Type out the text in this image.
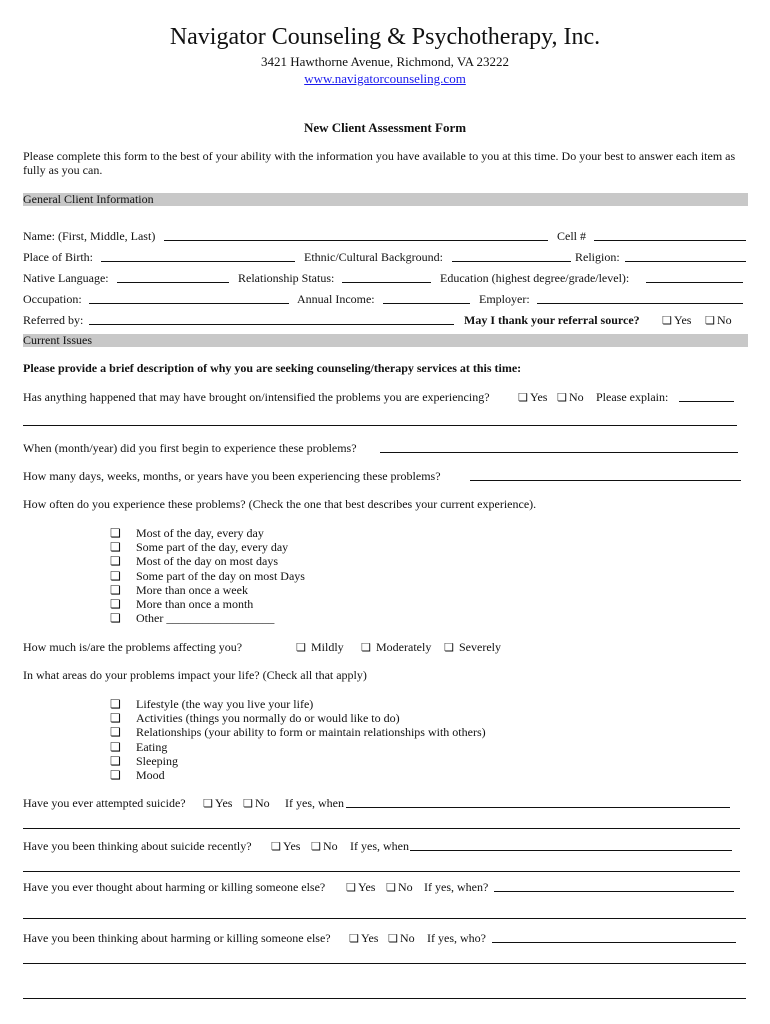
Navigator Counseling & Psychotherapy, Inc.
3421 Hawthorne Avenue, Richmond, VA 23222
www.navigatorcounseling.com
New Client Assessment Form
Please complete this form to the best of your ability with the information you have available to you at this time. Do your best to answer each item as fully as you can.
General Client Information
Name: (First, Middle, Last)	Cell #
Place of Birth:	Ethnic/Cultural Background:	Religion:
Native Language:	Relationship Status:	Education (highest degree/grade/level):
Occupation:	Annual Income:	Employer:
Referred by:	May I thank your referral source? ❏ Yes ❏ No
Current Issues
Please provide a brief description of why you are seeking counseling/therapy services at this time:
Has anything happened that may have brought on/intensified the problems you are experiencing?	❏ Yes ❏ No Please explain:
When (month/year) did you first begin to experience these problems?
How many days, weeks, months, or years have you been experiencing these problems?
How often do you experience these problems? (Check the one that best describes your current experience).
❏	Most of the day, every day
❏	Some part of the day, every day
❏	Most of the day on most days
❏	Some part of the day on most Days
❏	More than once a week
❏	More than once a month
❏	Other __________________
How much is/are the problems affecting you?	❏ Mildly ❏ Moderately ❏ Severely
In what areas do your problems impact your life? (Check all that apply)
❏	Lifestyle (the way you live your life)
❏	Activities (things you normally do or would like to do)
❏	Relationships (your ability to form or maintain relationships with others)
❏	Eating
❏	Sleeping
❏	Mood
Have you ever attempted suicide? ❏ Yes ❏ No If yes, when
Have you been thinking about suicide recently? ❏ Yes ❏ No If yes, when
Have you ever thought about harming or killing someone else? ❏ Yes ❏ No If yes, when?
Have you been thinking about harming or killing someone else? ❏ Yes ❏ No If yes, who?
